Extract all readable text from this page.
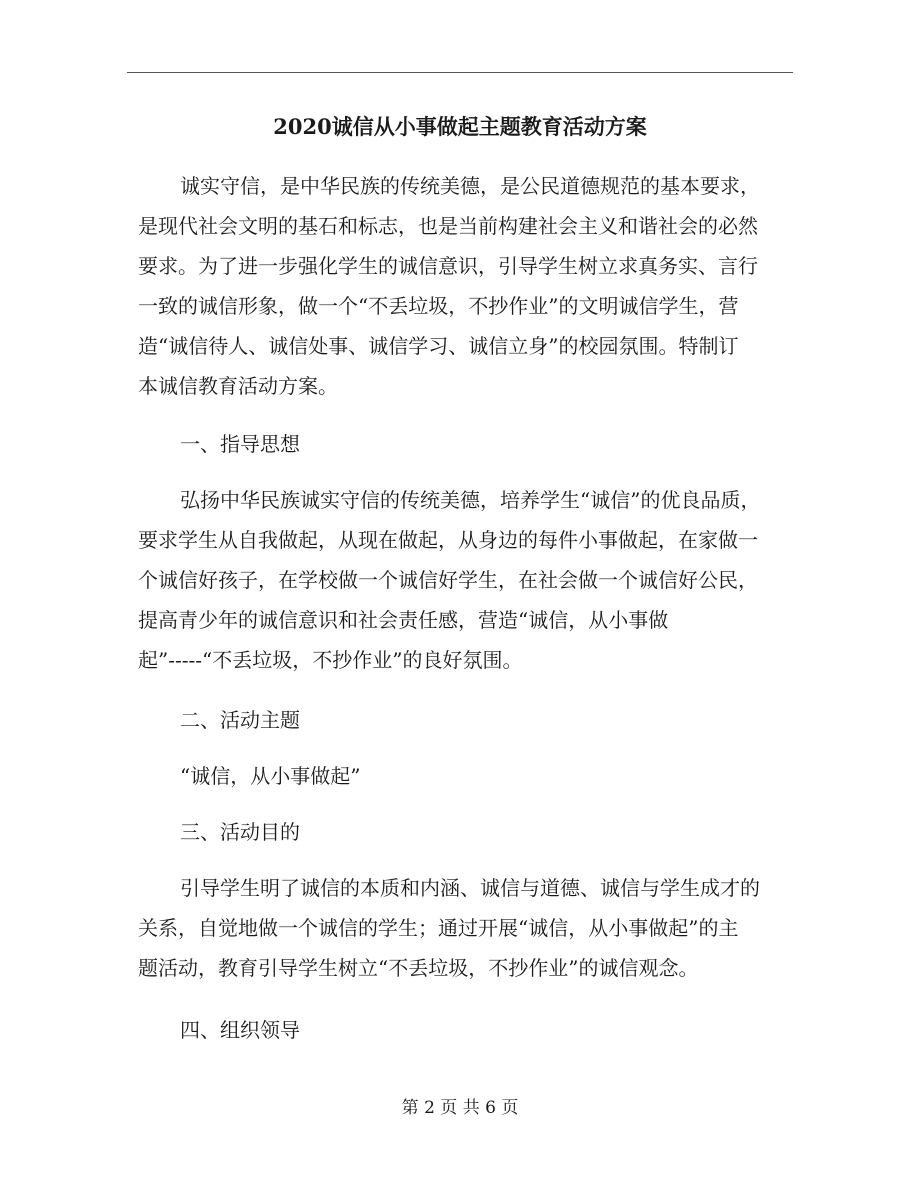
2020诚信从小事做起主题教育活动方案
诚实守信，是中华民族的传统美德，是公民道德规范的基本要求，
是现代社会文明的基石和标志，也是当前构建社会主义和谐社会的必然
要求。为了进一步强化学生的诚信意识，引导学生树立求真务实、言行
一致的诚信形象，做一个“不丢垃圾，不抄作业”的文明诚信学生，营
造“诚信待人、诚信处事、诚信学习、诚信立身”的校园氛围。特制订
本诚信教育活动方案。
一、指导思想
弘扬中华民族诚实守信的传统美德，培养学生“诚信”的优良品质，
要求学生从自我做起，从现在做起，从身边的每件小事做起，在家做一
个诚信好孩子，在学校做一个诚信好学生，在社会做一个诚信好公民，
提高青少年的诚信意识和社会责任感，营造“诚信，从小事做
起”-----“不丢垃圾，不抄作业”的良好氛围。
二、活动主题
“诚信，从小事做起”
三、活动目的
引导学生明了诚信的本质和内涵、诚信与道德、诚信与学生成才的
关系，自觉地做一个诚信的学生；通过开展“诚信，从小事做起”的主
题活动，教育引导学生树立“不丢垃圾，不抄作业”的诚信观念。
四、组织领导
第 2 页 共 6 页
